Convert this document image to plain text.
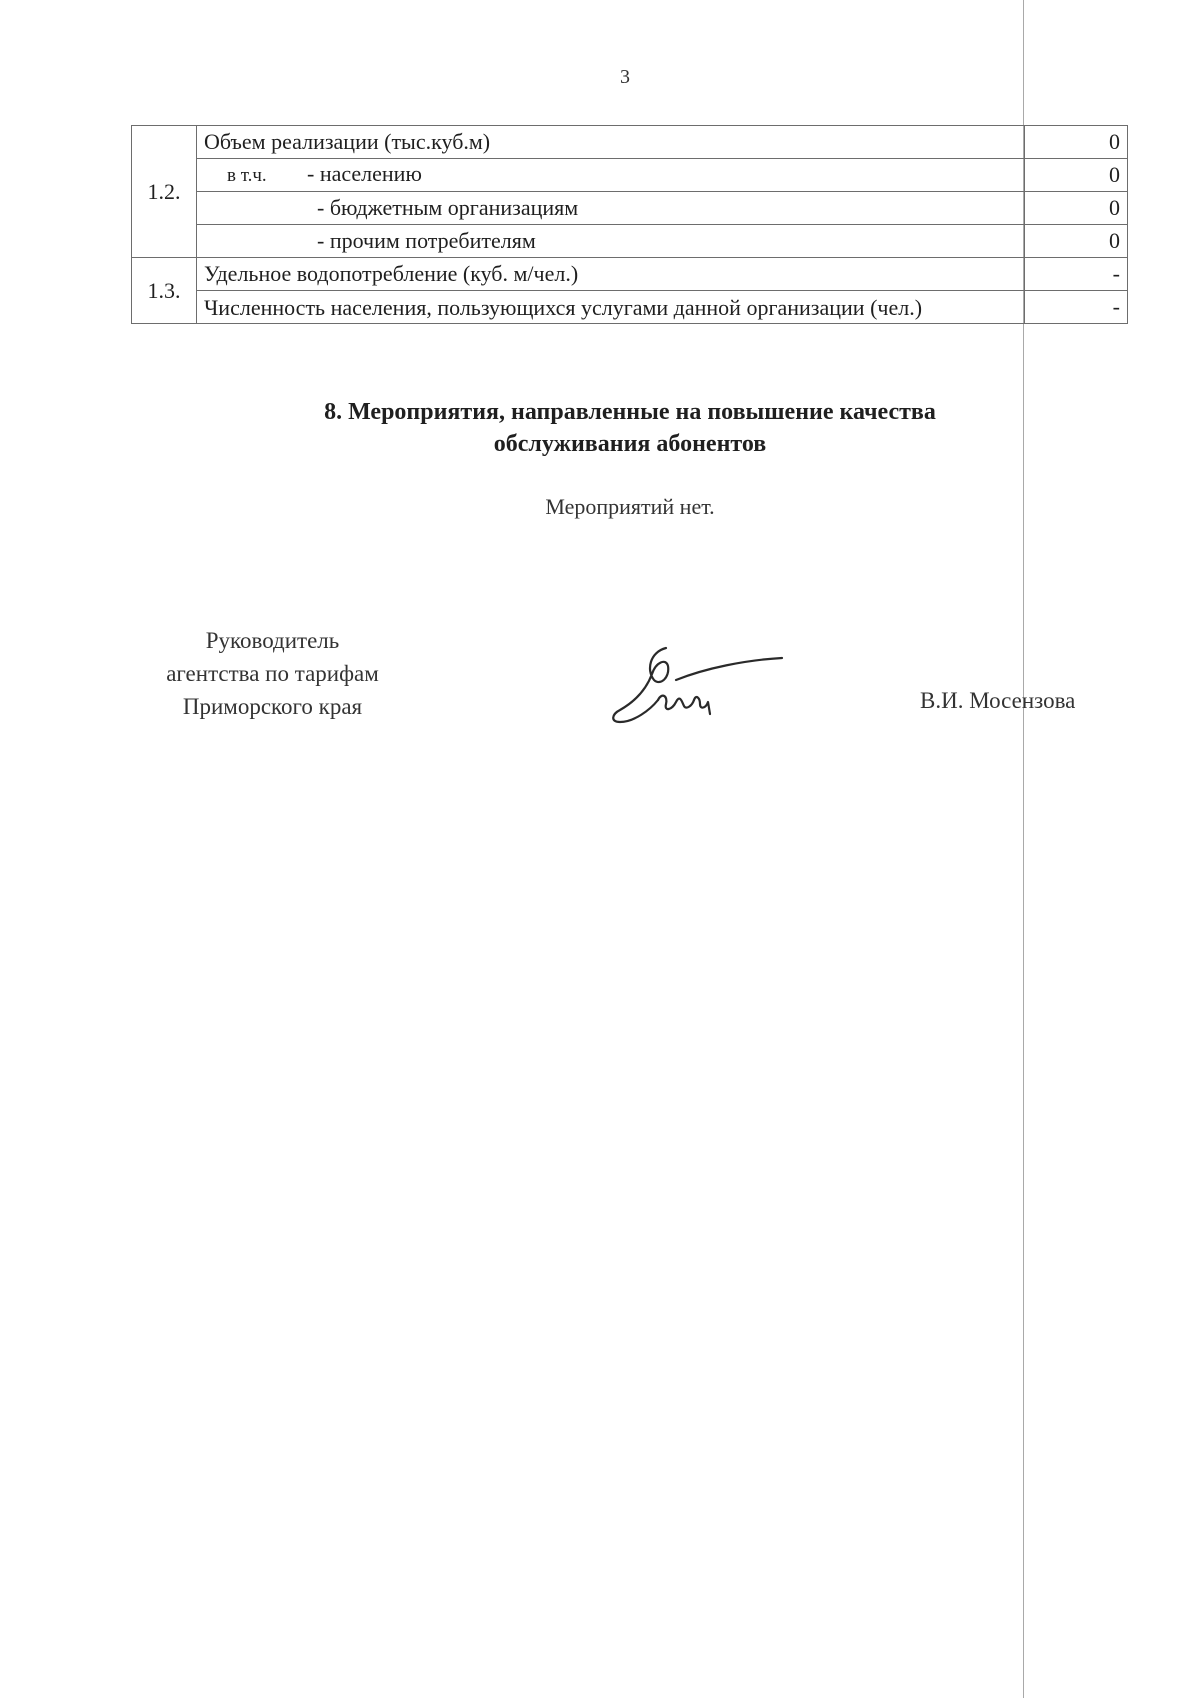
3
1.2.	Объем реализации (тыс.куб.м)	0
	в т.ч. - населению	0
	- бюджетным организациям	0
	- прочим потребителям	0
1.3.	Удельное водопотребление (куб. м/чел.)	-
	Численность населения, пользующихся услугами данной организации (чел.)	-
8. Мероприятия, направленные на повышение качества
обслуживания абонентов
Мероприятий нет.
Руководитель
агентства по тарифам
Приморского края	В.И. Мосензова
